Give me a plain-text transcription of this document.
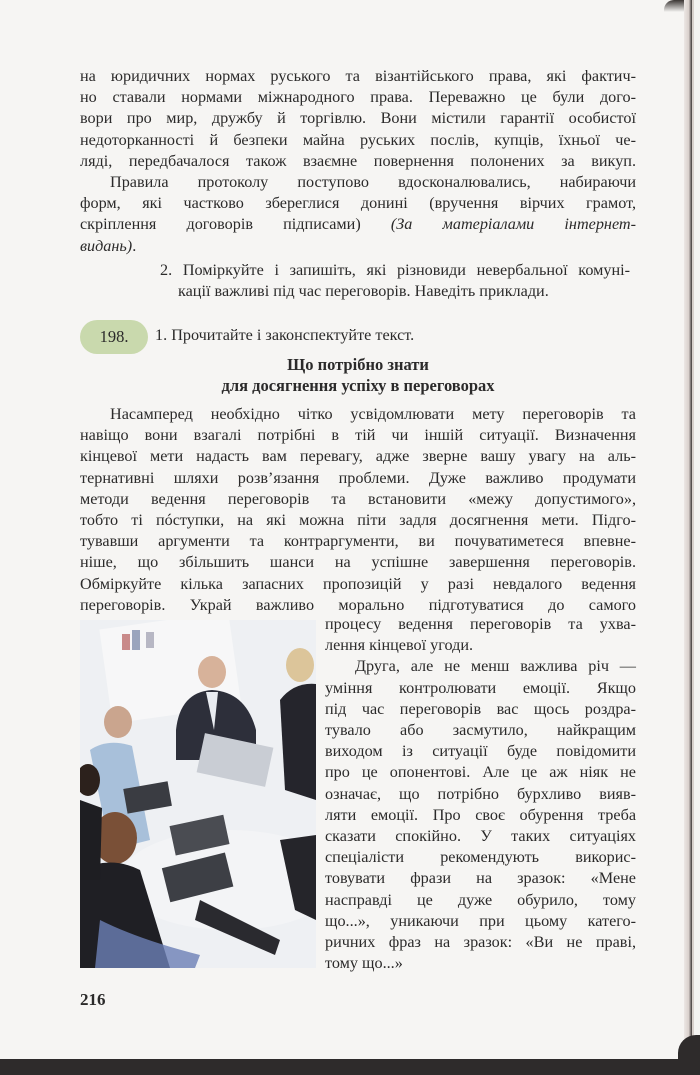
на юридичних нормах руського та візантійського права, які фактич-
но ставали нормами міжнародного права. Переважно це були дого-
вори про мир, дружбу й торгівлю. Вони містили гарантії особистої
недоторканності й безпеки майна руських послів, купців, їхньої че-
ляді, передбачалося також взаємне повернення полонених за викуп.
Правила протоколу поступово вдосконалювались, набираючи
форм, які частково збереглися донині (вручення вірчих грамот,
скріплення договорів підписами) (За матеріалами інтернет-
видань).
2. Поміркуйте і запишіть, які різновиди невербальної комуні-
кації важливі під час переговорів. Наведіть приклади.
198.	1. Прочитайте і законспектуйте текст.
Що потрібно знати
для досягнення успіху в переговорах
Насамперед необхідно чітко усвідомлювати мету переговорів та
навіщо вони взагалі потрібні в тій чи іншій ситуації. Визначення
кінцевої мети надасть вам перевагу, адже зверне вашу увагу на аль-
тернативні шляхи розв’язання проблеми. Дуже важливо продумати
методи ведення переговорів та встановити «межу допустимого»,
тобто ті пóступки, на які можна піти задля досягнення мети. Підго-
тувавши аргументи та контраргументи, ви почуватиметеся впевне-
ніше, що збільшить шанси на успішне завершення переговорів.
Обміркуйте кілька запасних пропозицій у разі невдалого ведення
переговорів. Украй важливо морально підготуватися до самого
процесу ведення переговорів та ухва-
лення кінцевої угоди.
Друга, але не менш важлива річ —
уміння контролювати емоції. Якщо
під час переговорів вас щось роздра-
тувало або засмутило, найкращим
виходом із ситуації буде повідомити
про це опонентові. Але це аж ніяк не
означає, що потрібно бурхливо вияв-
ляти емоції. Про своє обурення треба
сказати спокійно. У таких ситуаціях
спеціалісти рекомендують викорис-
товувати фрази на зразок: «Мене
насправді це дуже обурило, тому
що...», уникаючи при цьому катего-
ричних фраз на зразок: «Ви не праві,
тому що...»
216
